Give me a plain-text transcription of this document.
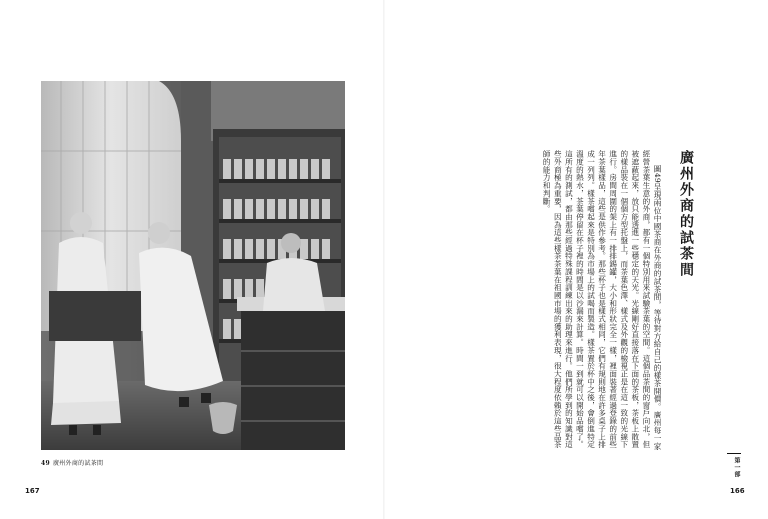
49 廣州外商的試茶間
167
廣州外商的試茶間

圖49呈現兩位中國茶商在外商的試茶間，等待對方給自己的樣茶開價。廣州每一家經營茶葉生意的外商，都有一個特別用來試驗茶葉的空間。這個品茶間的窗戶向北，但被遮蔽起來，放只能透進一些穩定的天光。光線剛好直接落在下面的茶板，茶板上散置的樣品裝在一個個方型托盤上，而茶葉色澤、樣式及外觀的檢視正是在這一致的光線下進行。房間周圍的架上有一排排錫罐，大小和形狀完全一樣，裡面裝著經過登錄的前些年茶葉樣品，這些是供作參考。那些杯子也是樣式相同，它們有規則地在許多桌子上排成一列列。樣茶嚐起來是特別為市場上的試喝而製造。樣茶置於杯中之後，會倒進特定溫度的熱水，茶葉停留在杯子裡的時間是以沙漏來計算。時間一到就可以開始品嚐了。這所有的測試，都由那些經過特殊課程訓練出來的助理來進行。他們所學到的知識對這些外商極為重要，因為這些樣茶茶葉在祖國市場的獲利表現，很大程度依賴於這些品茶師的能力和判斷。

第一部
166
